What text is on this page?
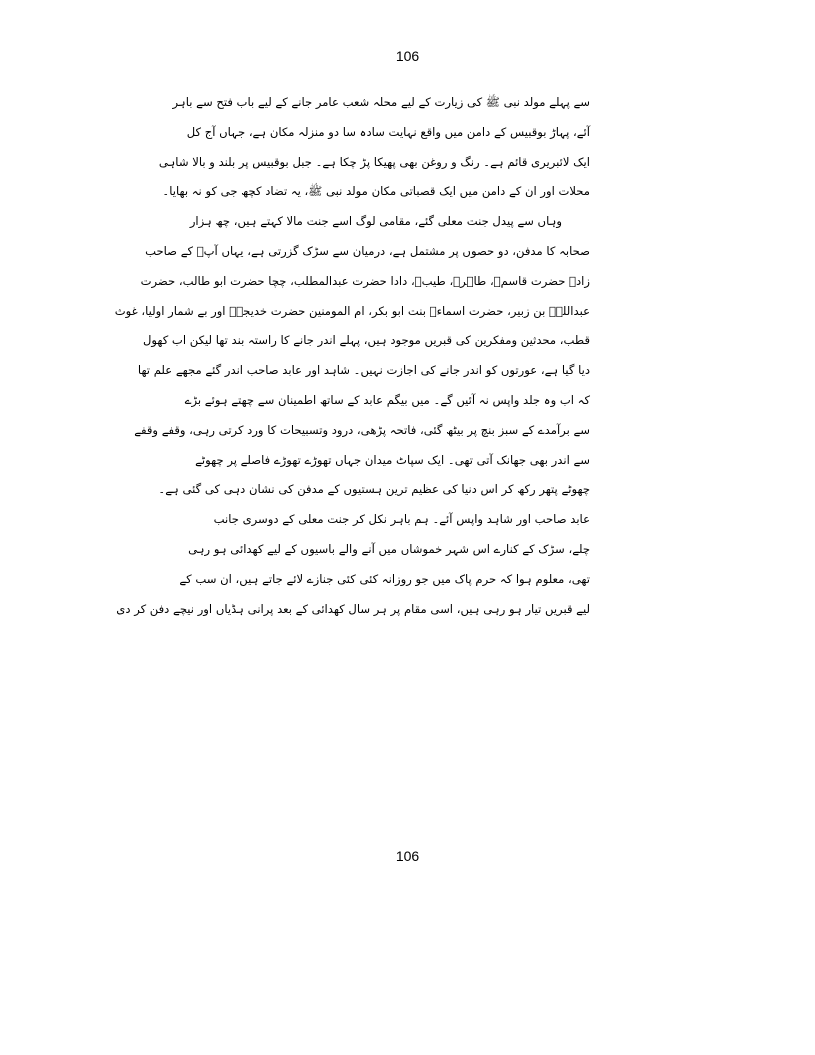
106
سے پہلے مولد نبی ﷺ کی زیارت کے لیے محلہ شعب عامر جانے کے لیے باب فتح سے باہر
آئے، پہاڑ بوقبیس کے دامن میں واقع نہایت سادہ سا دو منزلہ مکان ہے، جہاں آج کل
ایک لائبریری قائم ہے۔ رنگ و روغن بھی پھیکا پڑ چکا ہے۔ جبل بوقبیس پر بلند و بالا شاہی
محلات اور ان کے دامن میں ایک قصباتی مکان مولد نبی ﷺ، یہ تضاد کچھ جی کو نہ بھایا۔
وہاں سے پیدل جنت معلی گئے، مقامی لوگ اسے جنت مالا کہتے ہیں، چھ ہزار
صحابہ کا مدفن، دو حصوں پر مشتمل ہے، درمیان سے سڑک گزرتی ہے، یہاں آپؐ کے صاحب
زادے حضرت قاسمؓ، طاہرؓ، طیبؓ، دادا حضرت عبدالمطلب، چچا حضرت ابو طالب، حضرت
عبداللہؓ بن زبیر، حضرت اسماءؓ بنت ابو بکر، ام المومنین حضرت خدیجہؓ اور بے شمار اولیا، غوث
قطب، محدثین ومفکرین کی قبریں موجود ہیں، پہلے اندر جانے کا راستہ بند تھا لیکن اب کھول
دیا گیا ہے، عورتوں کو اندر جانے کی اجازت نہیں۔ شاہد اور عابد صاحب اندر گئے مجھے علم تھا
کہ اب وہ جلد واپس نہ آئیں گے۔ میں بیگم عابد کے ساتھ اطمینان سے چھتے ہوئے بڑے
سے برآمدے کے سبز بنچ پر بیٹھ گئی، فاتحہ پڑھی، درود وتسبیحات کا ورد کرتی رہی، وقفے وقفے
سے اندر بھی جھانک آتی تھی۔ ایک سپاٹ میدان جہاں تھوڑے تھوڑے فاصلے پر چھوٹے
چھوٹے پتھر رکھ کر اس دنیا کی عظیم ترین ہستیوں کے مدفن کی نشان دہی کی گئی ہے۔
عابد صاحب اور شاہد واپس آئے۔ ہم باہر نکل کر جنت معلی کے دوسری جانب
چلے، سڑک کے کنارے اس شہر خموشاں میں آنے والے باسیوں کے لیے کھدائی ہو رہی
تھی، معلوم ہوا کہ حرم پاک میں جو روزانہ کئی کئی جنازے لائے جاتے ہیں، ان سب کے
لیے قبریں تیار ہو رہی ہیں، اسی مقام پر ہر سال کھدائی کے بعد پرانی ہڈیاں اور نیچے دفن کر دی
106
